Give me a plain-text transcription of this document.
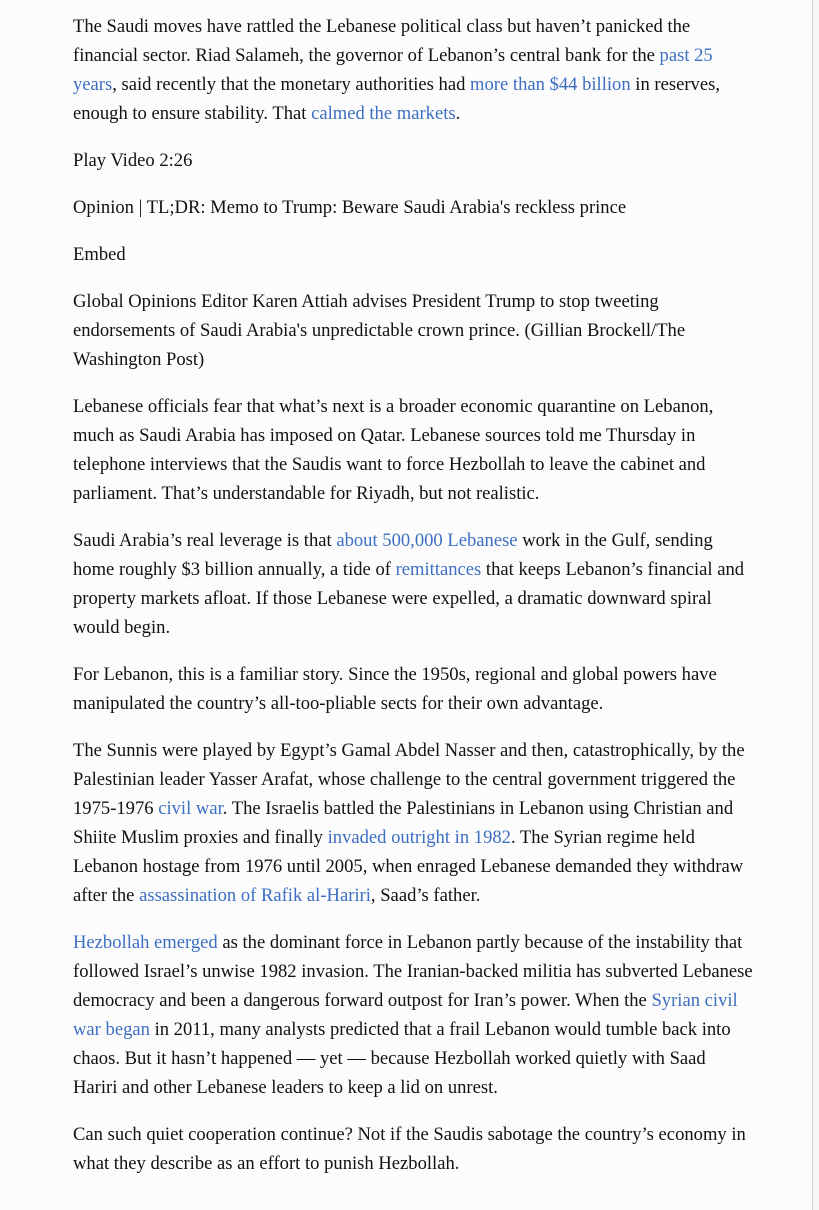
The Saudi moves have rattled the Lebanese political class but haven’t panicked the financial sector. Riad Salameh, the governor of Lebanon’s central bank for the past 25 years, said recently that the monetary authorities had more than $44 billion in reserves, enough to ensure stability. That calmed the markets.

Play Video 2:26

Opinion | TL;DR: Memo to Trump: Beware Saudi Arabia's reckless prince

Embed

Global Opinions Editor Karen Attiah advises President Trump to stop tweeting endorsements of Saudi Arabia's unpredictable crown prince. (Gillian Brockell/The Washington Post)

Lebanese officials fear that what’s next is a broader economic quarantine on Lebanon, much as Saudi Arabia has imposed on Qatar. Lebanese sources told me Thursday in telephone interviews that the Saudis want to force Hezbollah to leave the cabinet and parliament. That’s understandable for Riyadh, but not realistic.

Saudi Arabia’s real leverage is that about 500,000 Lebanese work in the Gulf, sending home roughly $3 billion annually, a tide of remittances that keeps Lebanon’s financial and property markets afloat. If those Lebanese were expelled, a dramatic downward spiral would begin.

For Lebanon, this is a familiar story. Since the 1950s, regional and global powers have manipulated the country’s all-too-pliable sects for their own advantage.

The Sunnis were played by Egypt’s Gamal Abdel Nasser and then, catastrophically, by the Palestinian leader Yasser Arafat, whose challenge to the central government triggered the 1975-1976 civil war. The Israelis battled the Palestinians in Lebanon using Christian and Shiite Muslim proxies and finally invaded outright in 1982. The Syrian regime held Lebanon hostage from 1976 until 2005, when enraged Lebanese demanded they withdraw after the assassination of Rafik al-Hariri, Saad’s father.

Hezbollah emerged as the dominant force in Lebanon partly because of the instability that followed Israel’s unwise 1982 invasion. The Iranian-backed militia has subverted Lebanese democracy and been a dangerous forward outpost for Iran’s power. When the Syrian civil war began in 2011, many analysts predicted that a frail Lebanon would tumble back into chaos. But it hasn’t happened — yet — because Hezbollah worked quietly with Saad Hariri and other Lebanese leaders to keep a lid on unrest.

Can such quiet cooperation continue? Not if the Saudis sabotage the country’s economy in what they describe as an effort to punish Hezbollah.
